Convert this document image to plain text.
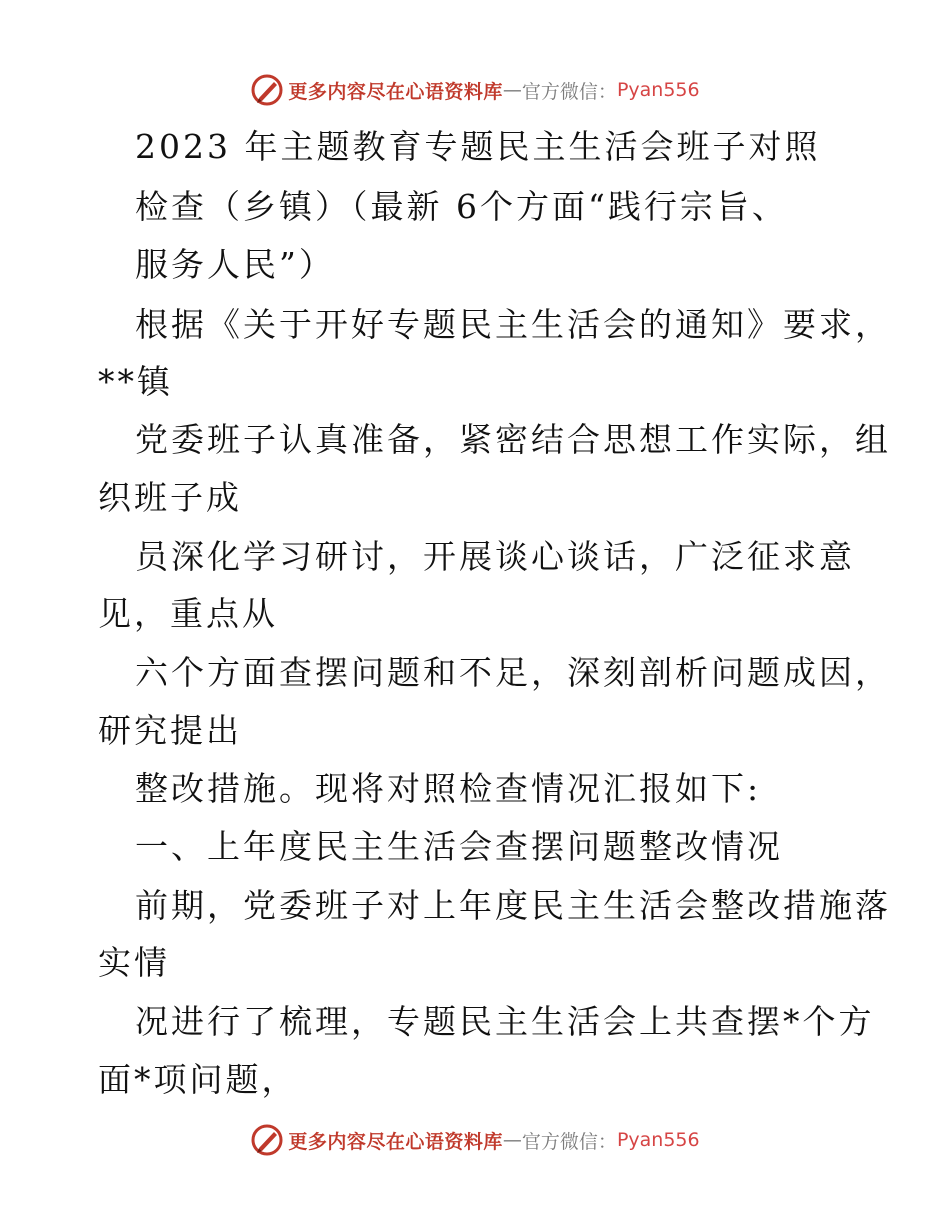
更多内容尽在心语资料库 — 官方微信： Pyan556
2023 年主题教育专题民主生活会班子对照
检查（乡镇）（最新 6个方面“践行宗旨、
服务人民”）
根据《关于开好专题民主生活会的通知》要求，
**镇
党委班子认真准备，紧密结合思想工作实际，组
织班子成
员深化学习研讨，开展谈心谈话，广泛征求意
见，重点从
六个方面查摆问题和不足，深刻剖析问题成因，
研究提出
整改措施。现将对照检查情况汇报如下:
一、上年度民主生活会查摆问题整改情况
前期，党委班子对上年度民主生活会整改措施落
实情
况进行了梳理，专题民主生活会上共查摆*个方
面*项问题，
更多内容尽在心语资料库 — 官方微信： Pyan556
